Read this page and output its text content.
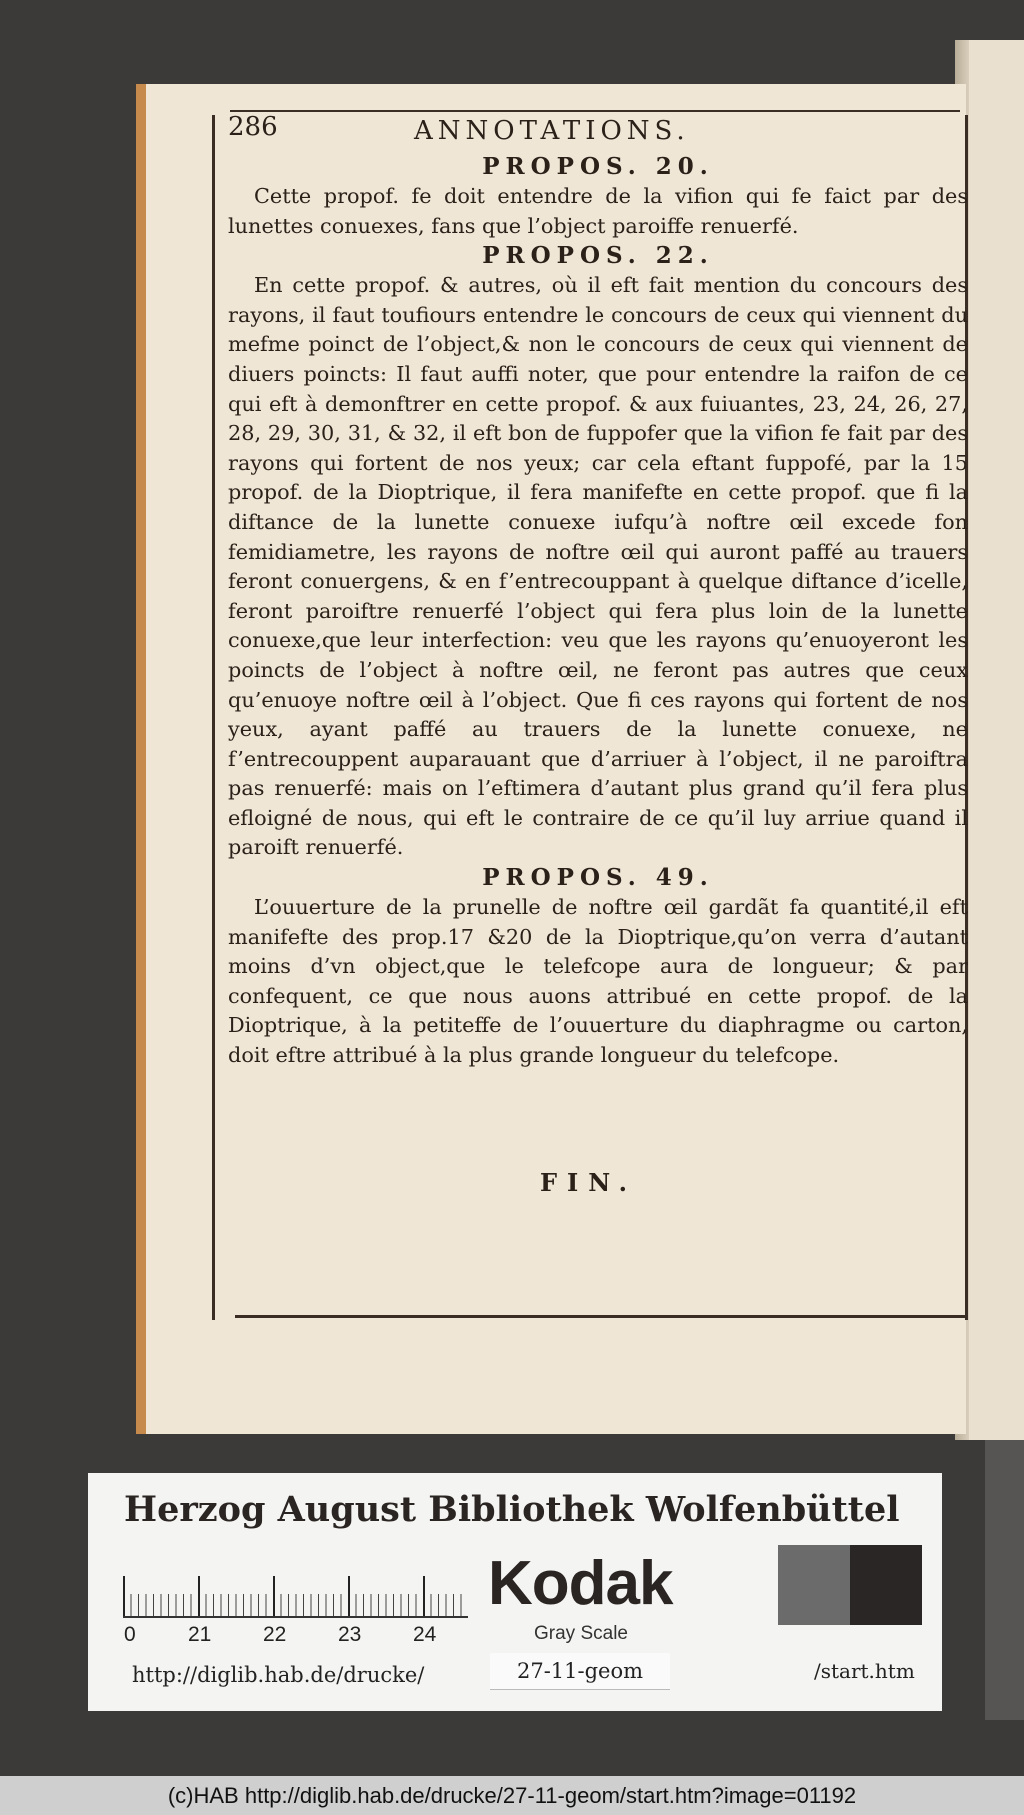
286	ANNOTATIONS.
PROPOS. 20.

Cette propof. fe doit entendre de la vifion qui fe faict par des lunettes conuexes, fans que l’object paroiffe renuerfé.

PROPOS. 22.

En cette propof. & autres, où il eft fait mention du concours des rayons, il faut toufiours entendre le concours de ceux qui viennent du mefme poinct de l’object,& non le concours de ceux qui viennent de diuers poincts: Il faut auffi noter, que pour entendre la raifon de ce qui eft à demonftrer en cette propof. & aux fuiuantes, 23, 24, 26, 27, 28, 29, 30, 31, & 32, il eft bon de fuppofer que la vifion fe fait par des rayons qui fortent de nos yeux; car cela eftant fuppofé, par la 15 propof. de la Dioptrique, il fera manifefte en cette propof. que fi la diftance de la lunette conuexe iufqu’à noftre œil excede fon femidiametre, les rayons de noftre œil qui auront paffé au trauers feront conuergens, & en f’entrecouppant à quelque diftance d’icelle, feront paroiftre renuerfé l’object qui fera plus loin de la lunette conuexe,que leur interfection: veu que les rayons qu’enuoyeront les poincts de l’object à noftre œil, ne feront pas autres que ceux qu’enuoye noftre œil à l’object. Que fi ces rayons qui fortent de nos yeux, ayant paffé au trauers de la lunette conuexe, ne f’entrecouppent auparauant que d’arriuer à l’object, il ne paroiftra pas renuerfé: mais on l’eftimera d’autant plus grand qu’il fera plus efloigné de nous, qui eft le contraire de ce qu’il luy arriue quand il paroift renuerfé.

PROPOS. 49.

L’ouuerture de la prunelle de noftre œil gardãt fa quantité,il eft manifefte des prop.17 &20 de la Dioptrique,qu’on verra d’autant moins d’vn object,que le telefcope aura de longueur; & par confequent, ce que nous auons attribué en cette propof. de la Dioptrique, à la petiteffe de l’ouuerture du diaphragme ou carton, doit eftre attribué à la plus grande longueur du telefcope.

FIN.
Herzog August Bibliothek Wolfenbüttel
0 21 22 23 24
Kodak
Gray Scale
http://diglib.hab.de/drucke/	27-11-geom	/start.htm
(c)HAB http://diglib.hab.de/drucke/27-11-geom/start.htm?image=01192
